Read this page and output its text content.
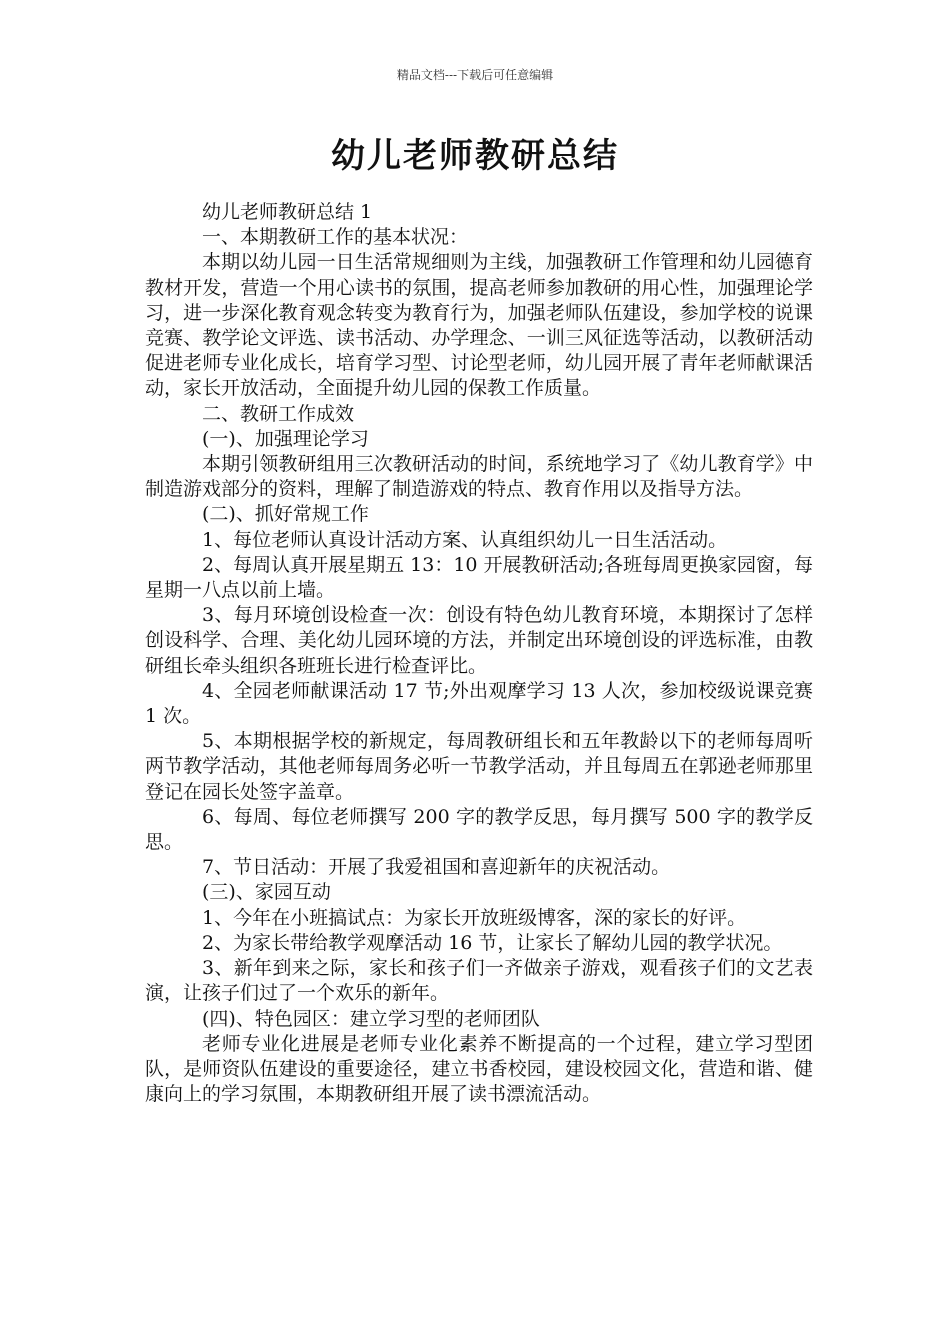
精品文档---下载后可任意编辑
幼儿老师教研总结

幼儿老师教研总结 1

一、本期教研工作的基本状况：

本期以幼儿园一日生活常规细则为主线，加强教研工作管理和幼儿园德育教材开发，营造一个用心读书的氛围，提高老师参加教研的用心性，加强理论学习，进一步深化教育观念转变为教育行为，加强老师队伍建设，参加学校的说课竞赛、教学论文评选、读书活动、办学理念、一训三风征选等活动，以教研活动促进老师专业化成长，培育学习型、讨论型老师，幼儿园开展了青年老师献课活动，家长开放活动，全面提升幼儿园的保教工作质量。

二、教研工作成效

(一)、加强理论学习

本期引领教研组用三次教研活动的时间，系统地学习了《幼儿教育学》中制造游戏部分的资料，理解了制造游戏的特点、教育作用以及指导方法。

(二)、抓好常规工作

1、每位老师认真设计活动方案、认真组织幼儿一日生活活动。

2、每周认真开展星期五 13：10 开展教研活动;各班每周更换家园窗，每星期一八点以前上墙。

3、每月环境创设检查一次：创设有特色幼儿教育环境，本期探讨了怎样创设科学、合理、美化幼儿园环境的方法，并制定出环境创设的评选标准，由教研组长牵头组织各班班长进行检查评比。

4、全园老师献课活动 17 节;外出观摩学习 13 人次，参加校级说课竞赛 1 次。

5、本期根据学校的新规定，每周教研组长和五年教龄以下的老师每周听两节教学活动，其他老师每周务必听一节教学活动，并且每周五在郭逊老师那里登记在园长处签字盖章。

6、每周、每位老师撰写 200 字的教学反思，每月撰写 500 字的教学反思。

7、节日活动：开展了我爱祖国和喜迎新年的庆祝活动。

(三)、家园互动

1、今年在小班搞试点：为家长开放班级博客，深的家长的好评。

2、为家长带给教学观摩活动 16 节，让家长了解幼儿园的教学状况。

3、新年到来之际，家长和孩子们一齐做亲子游戏，观看孩子们的文艺表演，让孩子们过了一个欢乐的新年。

(四)、特色园区：建立学习型的老师团队

老师专业化进展是老师专业化素养不断提高的一个过程，建立学习型团队，是师资队伍建设的重要途径，建立书香校园，建设校园文化，营造和谐、健康向上的学习氛围，本期教研组开展了读书漂流活动。
